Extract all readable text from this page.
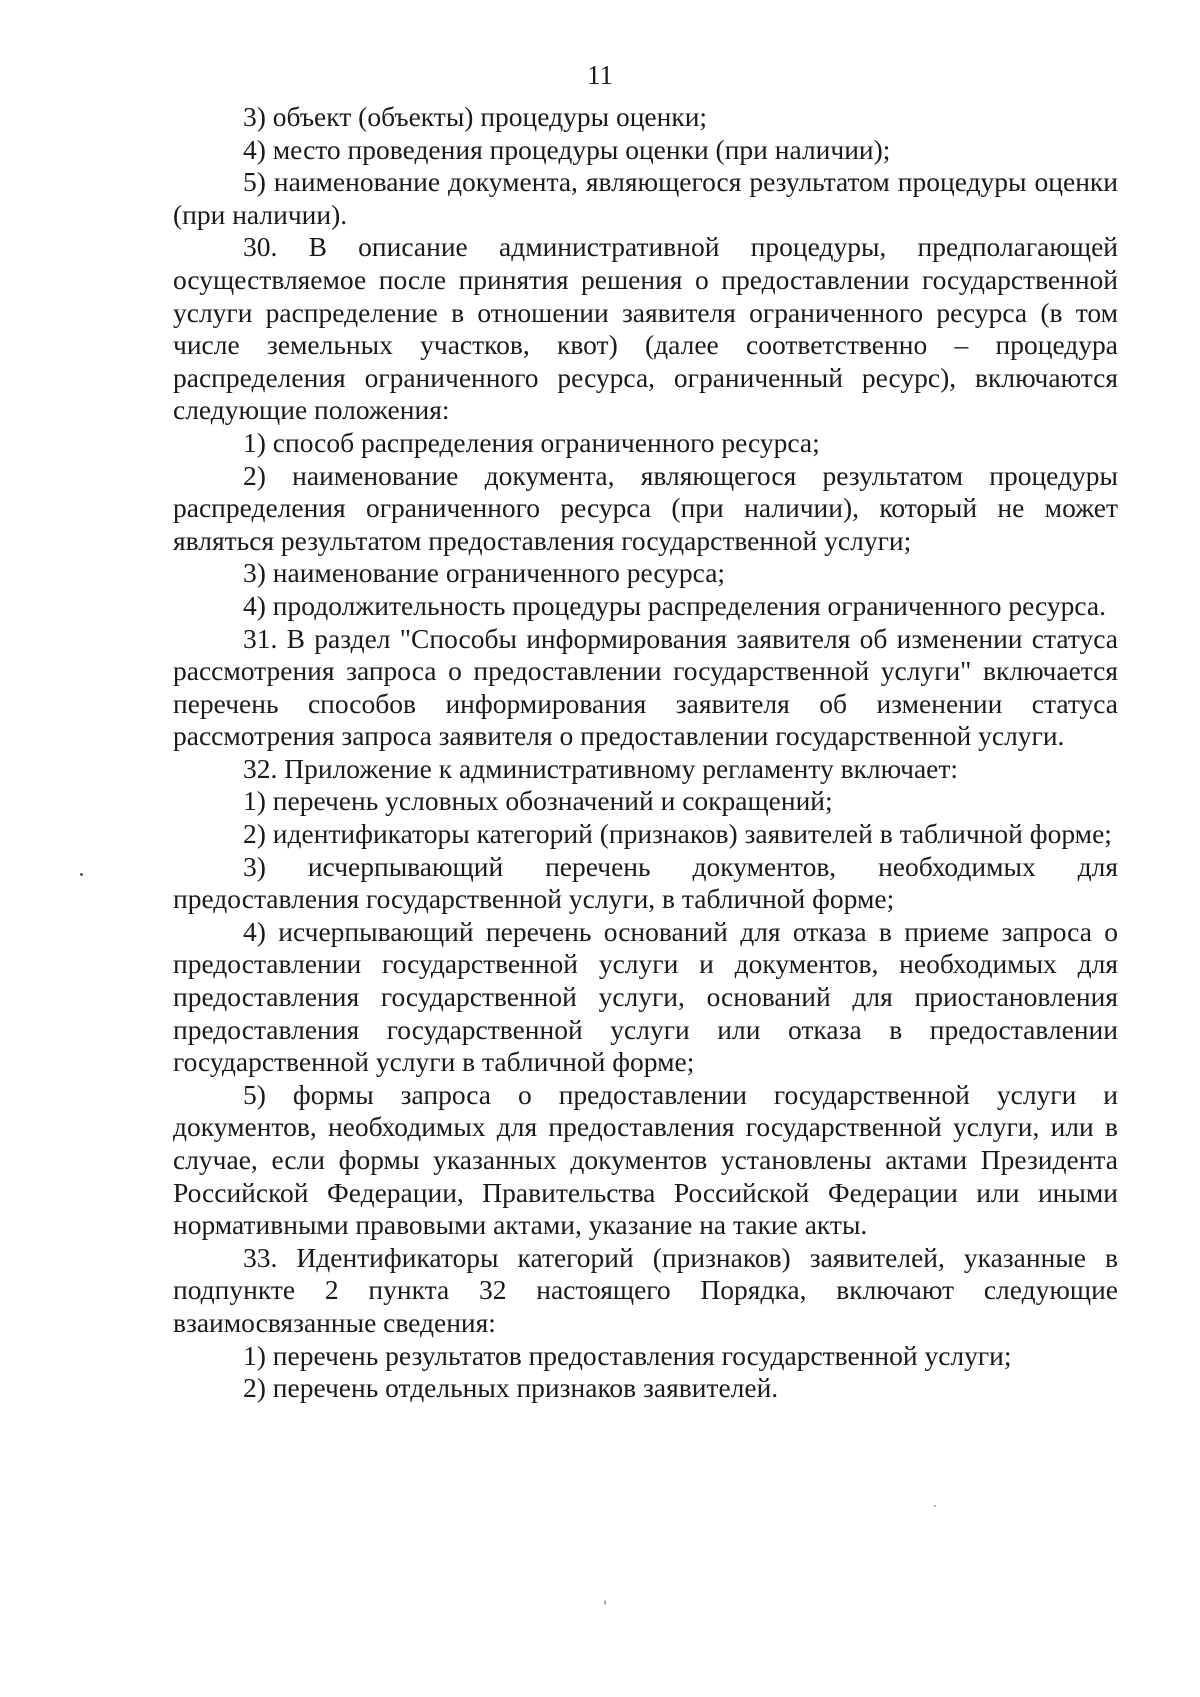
11

3) объект (объекты) процедуры оценки;

4) место проведения процедуры оценки (при наличии);

5) наименование документа, являющегося результатом процедуры оценки (при наличии).

30. В описание административной процедуры, предполагающей осуществляемое после принятия решения о предоставлении государственной услуги распределение в отношении заявителя ограниченного ресурса (в том числе земельных участков, квот) (далее соответственно – процедура распределения ограниченного ресурса, ограниченный ресурс), включаются следующие положения:

1) способ распределения ограниченного ресурса;

2) наименование документа, являющегося результатом процедуры распределения ограниченного ресурса (при наличии), который не может являться результатом предоставления государственной услуги;

3) наименование ограниченного ресурса;

4) продолжительность процедуры распределения ограниченного ресурса.

31. В раздел "Способы информирования заявителя об изменении статуса рассмотрения запроса о предоставлении государственной услуги" включается перечень способов информирования заявителя об изменении статуса рассмотрения запроса заявителя о предоставлении государственной услуги.

32. Приложение к административному регламенту включает:

1) перечень условных обозначений и сокращений;

2) идентификаторы категорий (признаков) заявителей в табличной форме;

3) исчерпывающий перечень документов, необходимых для предоставления государственной услуги, в табличной форме;

4) исчерпывающий перечень оснований для отказа в приеме запроса о предоставлении государственной услуги и документов, необходимых для предоставления государственной услуги, оснований для приостановления предоставления государственной услуги или отказа в предоставлении государственной услуги в табличной форме;

5) формы запроса о предоставлении государственной услуги и документов, необходимых для предоставления государственной услуги, или в случае, если формы указанных документов установлены актами Президента Российской Федерации, Правительства Российской Федерации или иными нормативными правовыми актами, указание на такие акты.

33. Идентификаторы категорий (признаков) заявителей, указанные в подпункте 2 пункта 32 настоящего Порядка, включают следующие взаимосвязанные сведения:

1) перечень результатов предоставления государственной услуги;

2) перечень отдельных признаков заявителей.
